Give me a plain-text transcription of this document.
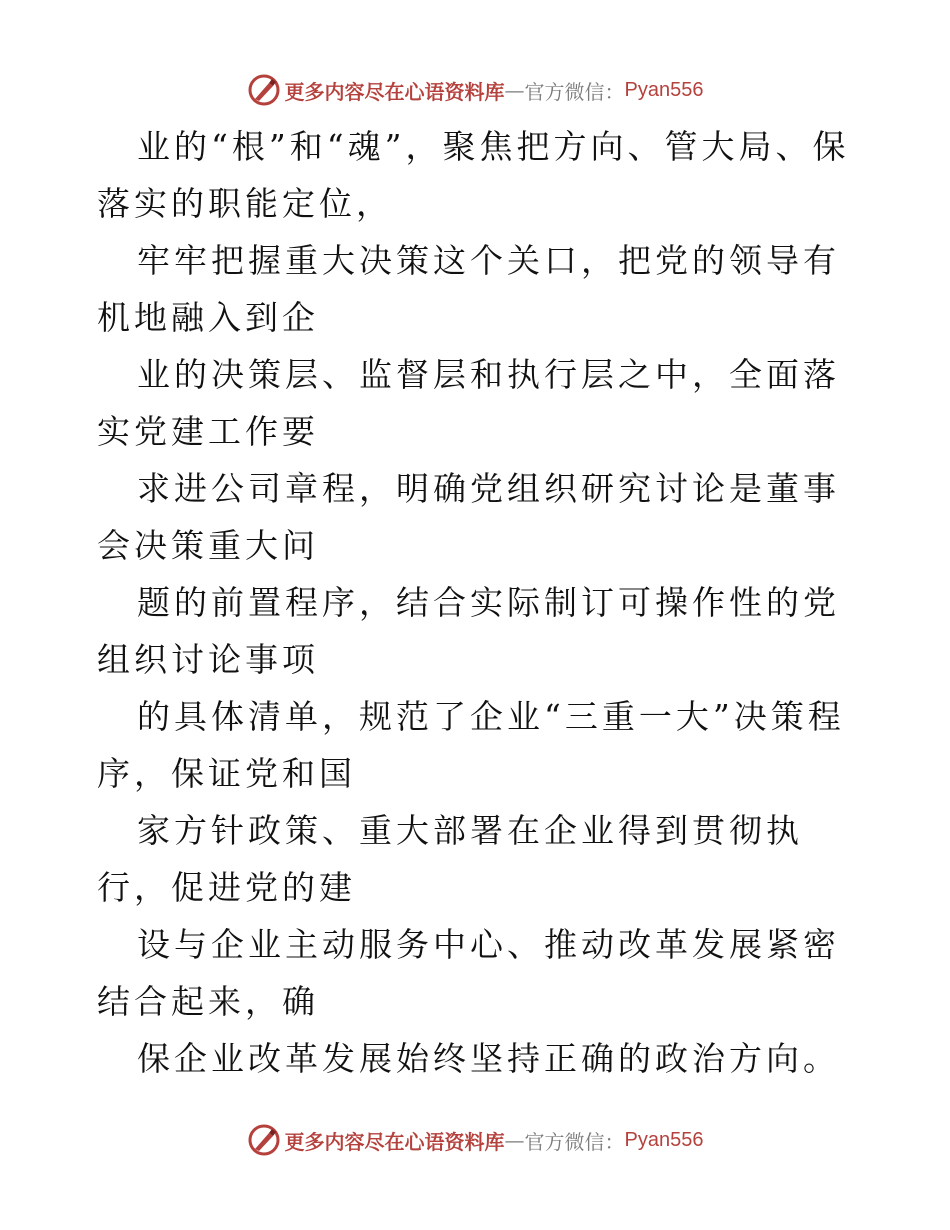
更多内容尽在心语资料库 — 官方微信： Pyan556

业的“根”和“魂”，聚焦把方向、管大局、保落实的职能定位，

牢牢把握重大决策这个关口，把党的领导有机地融入到企

业的决策层、监督层和执行层之中，全面落实党建工作要

求进公司章程，明确党组织研究讨论是董事会决策重大问

题的前置程序，结合实际制订可操作性的党组织讨论事项

的具体清单，规范了企业“三重一大”决策程序，保证党和国

家方针政策、重大部署在企业得到贯彻执行，促进党的建

设与企业主动服务中心、推动改革发展紧密结合起来，确

保企业改革发展始终坚持正确的政治方向。

更多内容尽在心语资料库 — 官方微信： Pyan556
